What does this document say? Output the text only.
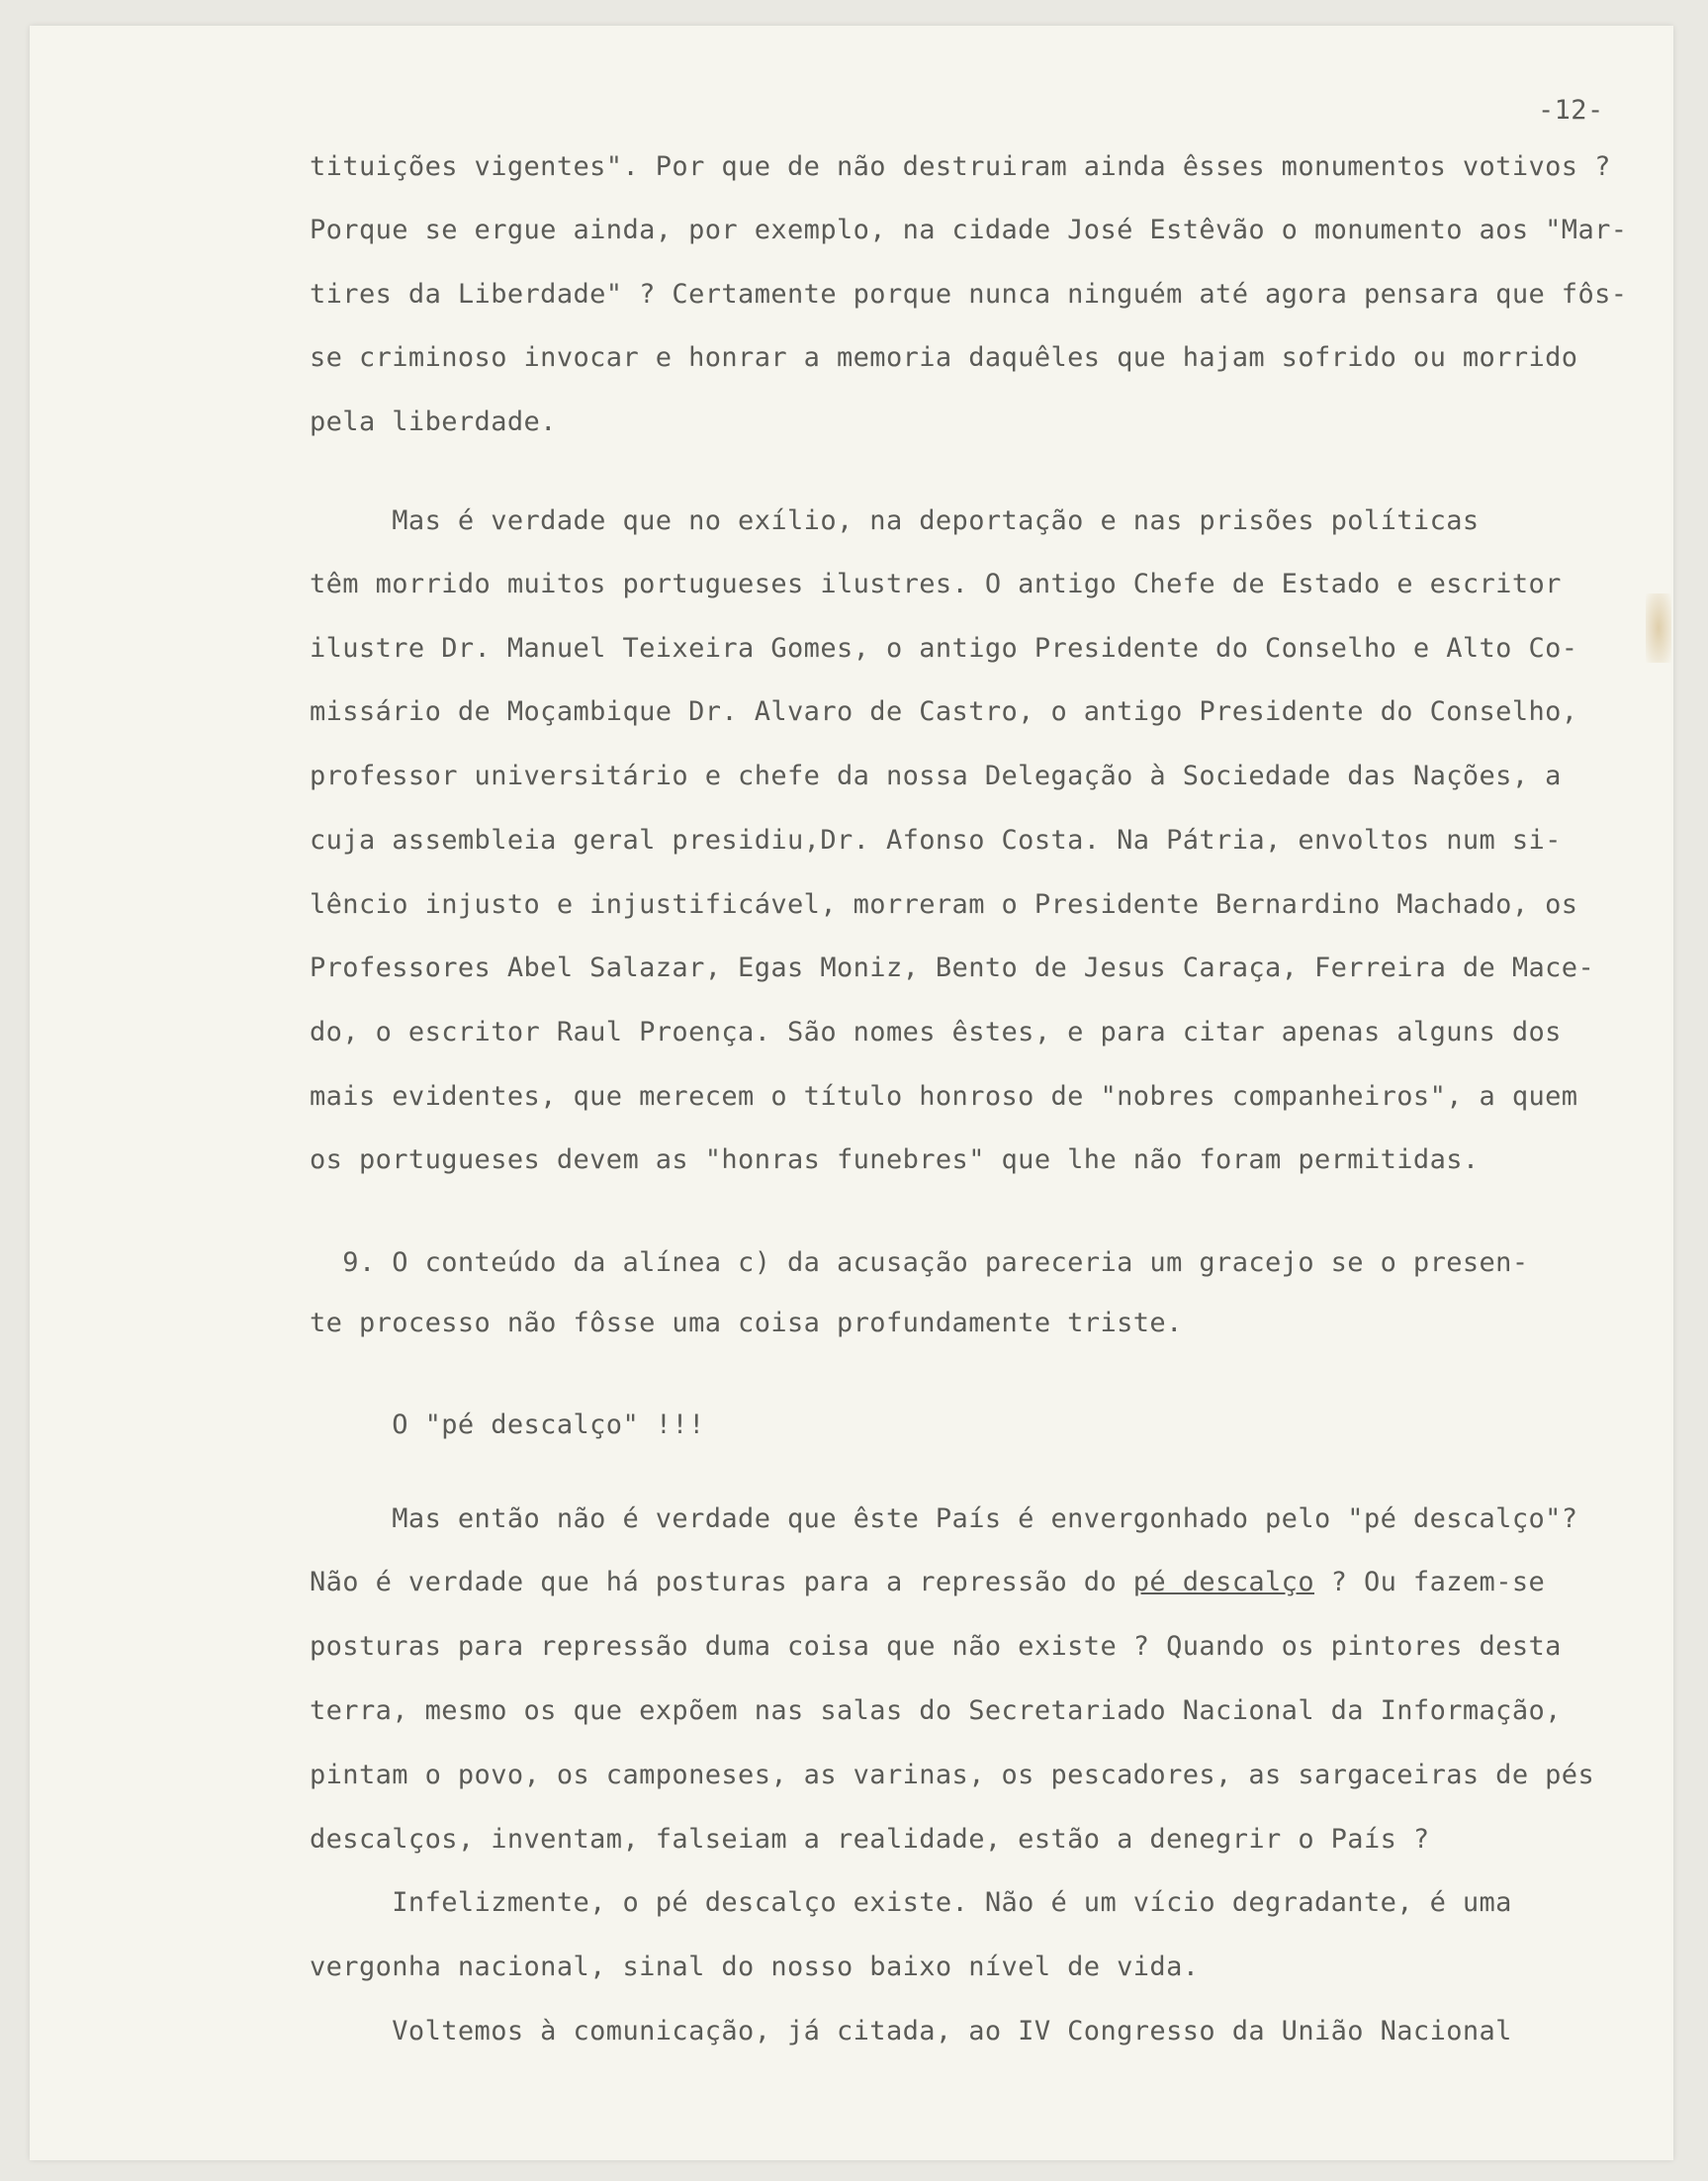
-12-
tituições vigentes". Por que de não destruiram ainda êsses monumentos votivos ?
Porque se ergue ainda, por exemplo, na cidade José Estêvão o monumento aos "Mar-
tires da Liberdade" ? Certamente porque nunca ninguém até agora pensara que fôs-
se criminoso invocar e honrar a memoria daquêles que hajam sofrido ou morrido
pela liberdade.
Mas é verdade que no exílio, na deportação e nas prisões políticas
têm morrido muitos portugueses ilustres. O antigo Chefe de Estado e escritor
ilustre Dr. Manuel Teixeira Gomes, o antigo Presidente do Conselho e Alto Co-
missário de Moçambique Dr. Alvaro de Castro, o antigo Presidente do Conselho,
professor universitário e chefe da nossa Delegação à Sociedade das Nações, a
cuja assembleia geral presidiu,Dr. Afonso Costa. Na Pátria, envoltos num si-
lêncio injusto e injustificável, morreram o Presidente Bernardino Machado, os
Professores Abel Salazar, Egas Moniz, Bento de Jesus Caraça, Ferreira de Mace-
do, o escritor Raul Proença. São nomes êstes, e para citar apenas alguns dos
mais evidentes, que merecem o título honroso de "nobres companheiros", a quem
os portugueses devem as "honras funebres" que lhe não foram permitidas.
9. O conteúdo da alínea c) da acusação pareceria um gracejo se o presen-
te processo não fôsse uma coisa profundamente triste.
O "pé descalço" !!!
Mas então não é verdade que êste País é envergonhado pelo "pé descalço"?
Não é verdade que há posturas para a repressão do pé descalço ? Ou fazem-se
posturas para repressão duma coisa que não existe ? Quando os pintores desta
terra, mesmo os que expõem nas salas do Secretariado Nacional da Informação,
pintam o povo, os camponeses, as varinas, os pescadores, as sargaceiras de pés
descalços, inventam, falseiam a realidade, estão a denegrir o País ?
Infelizmente, o pé descalço existe. Não é um vício degradante, é uma
vergonha nacional, sinal do nosso baixo nível de vida.
Voltemos à comunicação, já citada, ao IV Congresso da União Nacional
